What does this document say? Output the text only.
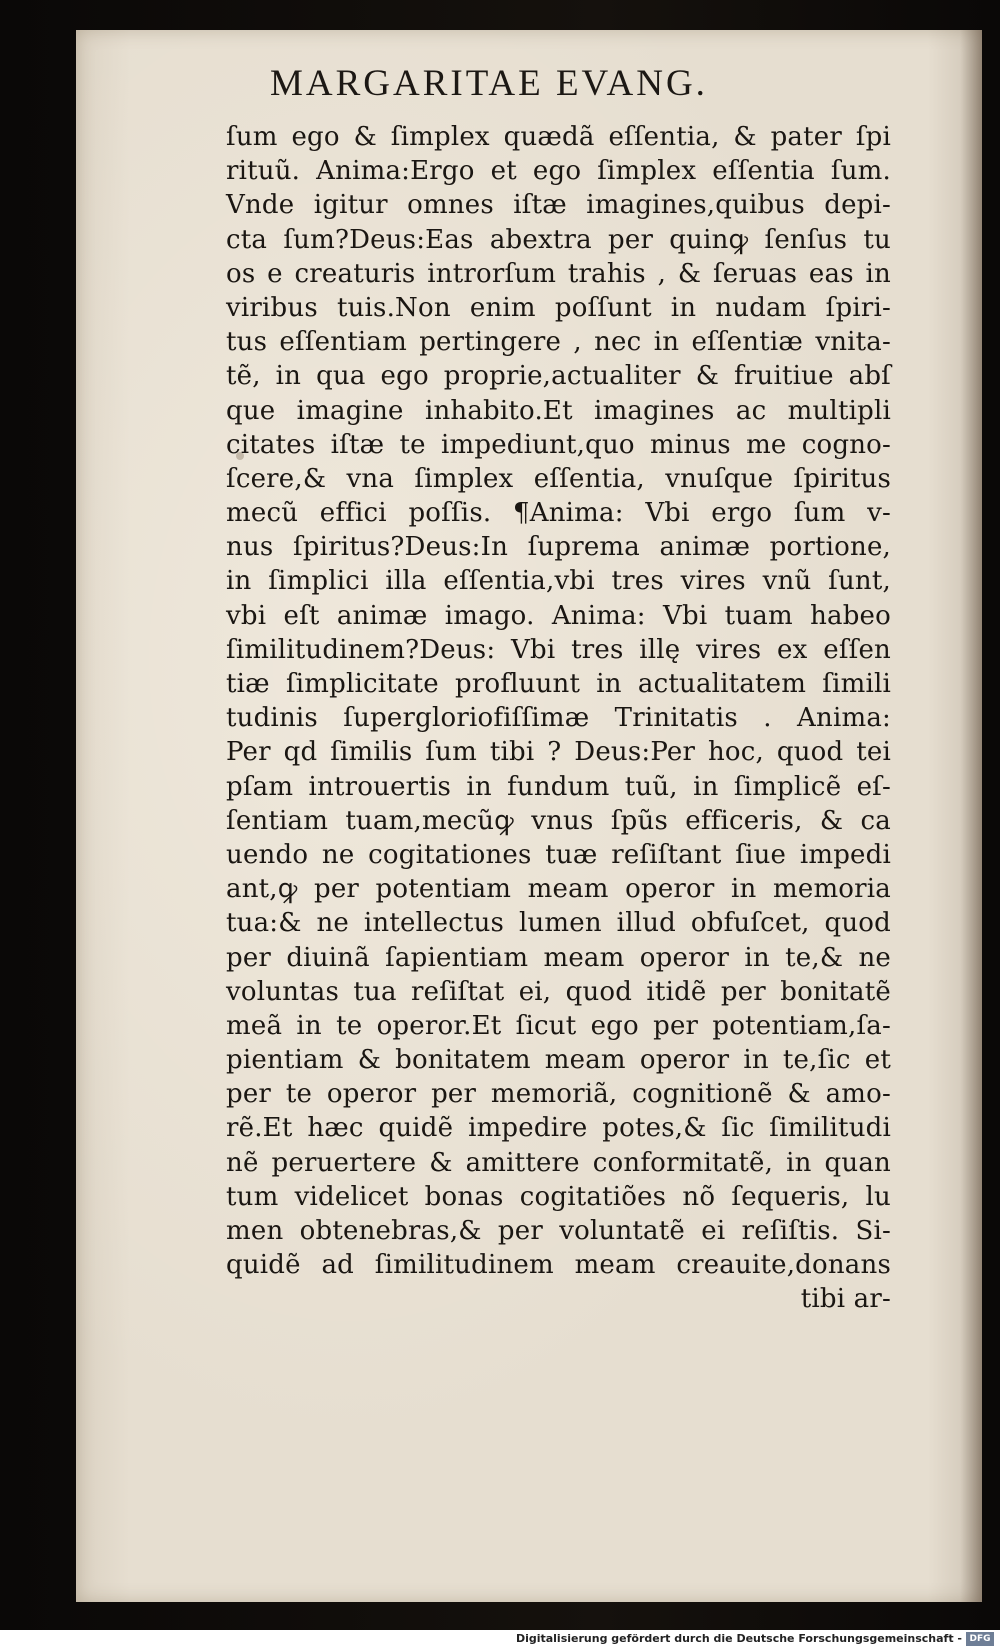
MARGARITAE EVANG.
ſum ego & ſimplex quædã eſſentia, & pater ſpi
rituũ. Anima:Ergo et ego ſimplex eſſentia ſum.
Vnde igitur omnes iſtæ imagines,quibus depi-
cta ſum?Deus:Eas abextra per quinꝙ ſenſus tu
os e creaturis introrſum trahis , & ſeruas eas in
viribus tuis.Non enim poſſunt in nudam ſpiri-
tus eſſentiam pertingere , nec in eſſentiæ vnita-
tẽ, in qua ego proprie,actualiter & fruitiue abſ
que imagine inhabito.Et imagines ac multipli
citates iſtæ te impediunt,quo minus me cogno-
ſcere,& vna ſimplex eſſentia, vnuſque ſpiritus
mecũ effici poſſis. ¶Anima: Vbi ergo ſum v-
nus ſpiritus?Deus:In ſuprema animæ portione,
in ſimplici illa eſſentia,vbi tres vires vnũ ſunt,
vbi eſt animæ imago. Anima: Vbi tuam habeo
ſimilitudinem?Deus: Vbi tres illę vires ex eſſen
tiæ ſimplicitate profluunt in actualitatem ſimili
tudinis ſupergloriofiſſimæ Trinitatis . Anima:
Per qd ſimilis ſum tibi ? Deus:Per hoc, quod tei
pſam introuertis in fundum tuũ, in ſimplicẽ eſ-
ſentiam tuam,mecũꝙ vnus ſpũs efficeris, & ca
uendo ne cogitationes tuæ reſiſtant ſiue impedi
ant,ꝙ per potentiam meam operor in memoria
tua:& ne intellectus lumen illud obfuſcet, quod
per diuinã ſapientiam meam operor in te,& ne
voluntas tua reſiſtat ei, quod itidẽ per bonitatẽ
meã in te operor.Et ſicut ego per potentiam,ſa-
pientiam & bonitatem meam operor in te,ſic et
per te operor per memoriã, cognitionẽ & amo-
rẽ.Et hæc quidẽ impedire potes,& ſic ſimilitudi
nẽ peruertere & amittere conformitatẽ, in quan
tum videlicet bonas cogitatiões nõ ſequeris, lu
men obtenebras,& per voluntatẽ ei reſiſtis. Si-
quidẽ ad ſimilitudinem meam creauite,donans
tibi ar-
Digitalisierung gefördert durch die Deutsche Forschungsgemeinschaft - DFG
